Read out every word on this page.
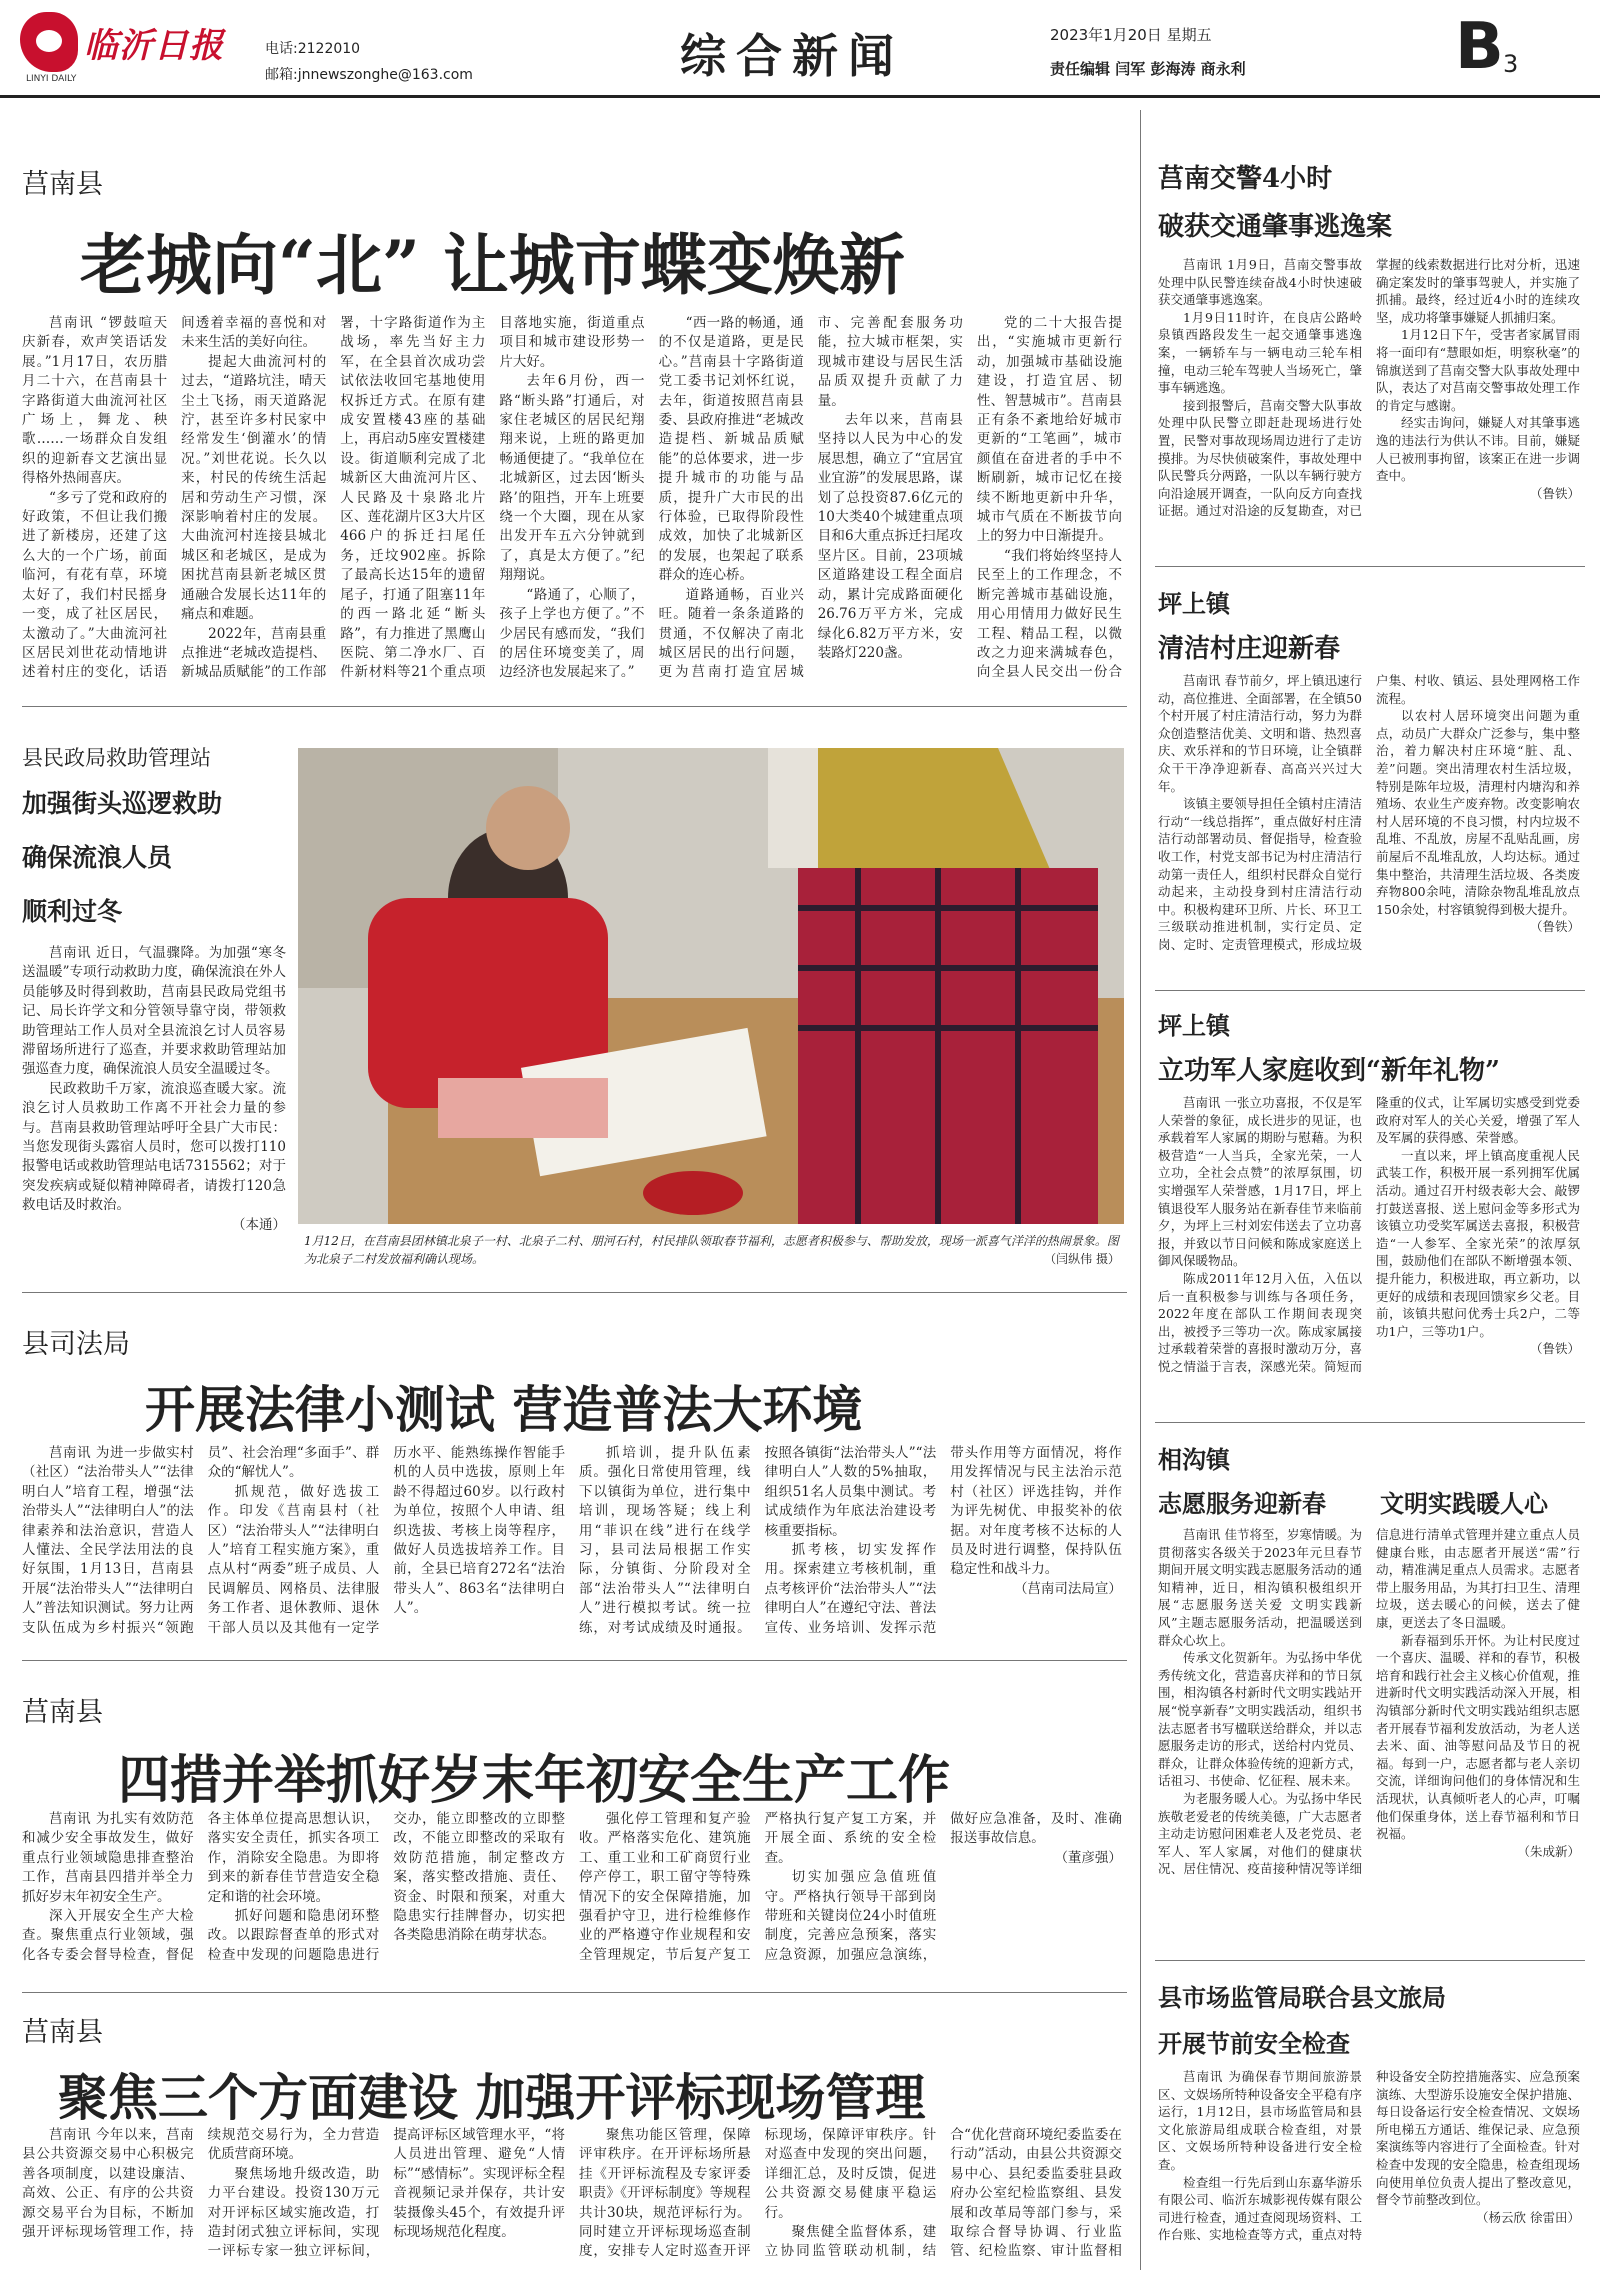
临沂日报
LINYI DAILY
电话:2122010
邮箱:jnnewszonghe@163.com	综合新闻	2023年1月20日 星期五
责任编辑 闫军 彭海涛 商永利	B 3
莒南县
老城向“北” 让城市蝶变焕新

莒南讯 “锣鼓喧天庆新春，欢声笑语话发展。”1月17日，农历腊月二十六，在莒南县十字路街道大曲流河社区广场上，舞龙、秧歌……一场群众自发组织的迎新春文艺演出显得格外热闹喜庆。

“多亏了党和政府的好政策，不但让我们搬进了新楼房，还建了这么大的一个广场，前面临河，有花有草，环境太好了，我们村民摇身一变，成了社区居民，太激动了。”大曲流河社区居民刘世花动情地讲述着村庄的变化，话语间透着幸福的喜悦和对未来生活的美好向往。

提起大曲流河村的过去，“道路坑洼，晴天尘土飞扬，雨天道路泥泞，甚至许多村民家中经常发生‘倒灌水’的情况。”刘世花说。长久以来，村民的传统生活起居和劳动生产习惯，深深影响着村庄的发展。大曲流河村连接县城北城区和老城区，是成为困扰莒南县新老城区贯通融合发展长达11年的痛点和难题。

2022年，莒南县重点推进“老城改造提档、新城品质赋能”的工作部署，十字路街道作为主战场，率先当好主力军，在全县首次成功尝试依法收回宅基地使用权拆迁方式。在原有建成安置楼43座的基础上，再启动5座安置楼建设。街道顺利完成了北城新区大曲流河片区、人民路及十泉路北片区、莲花湖片区3大片区466户的拆迁扫尾任务，迁坟902座。拆除了最高长达15年的遗留尾子，打通了阻塞11年的西一路北延“断头路”，有力推进了黑鹰山医院、第二净水厂、百件新材料等21个重点项目落地实施，街道重点项目和城市建设形势一片大好。

去年6月份，西一路“断头路”打通后，对家住老城区的居民纪翔翔来说，上班的路更加畅通便捷了。“我单位在北城新区，过去因‘断头路’的阻挡，开车上班要绕一个大圈，现在从家出发开车五六分钟就到了，真是太方便了。”纪翔翔说。

“路通了，心顺了，孩子上学也方便了。”不少居民有感而发，“我们的居住环境变美了，周边经济也发展起来了。”

“西一路的畅通，通的不仅是道路，更是民心。”莒南县十字路街道党工委书记刘怀红说，去年，街道按照莒南县委、县政府推进“老城改造提档、新城品质赋能”的总体要求，进一步提升城市的功能与品质，提升广大市民的出行体验，已取得阶段性成效，加快了北城新区的发展，也架起了联系群众的连心桥。

道路通畅，百业兴旺。随着一条条道路的贯通，不仅解决了南北城区居民的出行问题，更为莒南打造宜居城市、完善配套服务功能，拉大城市框架，实现城市建设与居民生活品质双提升贡献了力量。

去年以来，莒南县坚持以人民为中心的发展思想，确立了“宜居宜业宜游”的发展思路，谋划了总投资87.6亿元的10大类40个城建重点项目和6大重点拆迁扫尾攻坚片区。目前，23项城区道路建设工程全面启动，累计完成路面硬化26.76万平方米，完成绿化6.82万平方米，安装路灯220盏。

党的二十大报告提出，“实施城市更新行动，加强城市基础设施建设，打造宜居、韧性、智慧城市”。莒南县正有条不紊地给好城市更新的“工笔画”，城市颜值在奋进者的手中不断刷新，城市记忆在接续不断地更新中升华，城市气质在不断拔节向上的努力中日渐提升。

“我们将始终坚持人民至上的工作理念，不断完善城市基础设施，用心用情用力做好民生工程、精品工程，以微改之力迎来满城春色，向全县人民交出一份合

县民政局救助管理站
加强街头巡逻救助
确保流浪人员
顺利过冬

莒南讯 近日，气温骤降。为加强“寒冬送温暖”专项行动救助力度，确保流浪在外人员能够及时得到救助，莒南县民政局党组书记、局长许学文和分管领导靠守岗，带领救助管理站工作人员对全县流浪乞讨人员容易滞留场所进行了巡查，并要求救助管理站加强巡查力度，确保流浪人员安全温暖过冬。

民政救助千万家，流浪巡查暖大家。流浪乞讨人员救助工作离不开社会力量的参与。莒南县救助管理站呼吁全县广大市民：当您发现街头露宿人员时，您可以拨打110报警电话或救助管理站电话7315562；对于突发疾病或疑似精神障碍者，请拨打120急救电话及时救治。

（本通）

1月12日，在莒南县团林镇北泉子一村、北泉子二村、朋河石村，村民排队领取春节福利，志愿者积极参与、帮助发放，现场一派喜气洋洋的热闹景象。图为北泉子二村发放福利确认现场。	（闫纵伟 摄）
县司法局
开展法律小测试 营造普法大环境

莒南讯 为进一步做实村（社区）“法治带头人”“法律明白人”培育工程，增强“法治带头人”“法律明白人”的法律素养和法治意识，营造人人懂法、全民学法用法的良好氛围，1月13日，莒南县开展“法治带头人”“法律明白人”普法知识测试。努力让两支队伍成为乡村振兴“领跑员”、社会治理“多面手”、群众的“解忧人”。

抓规范，做好选拔工作。印发《莒南县村（社区）“法治带头人”“法律明白人”培育工程实施方案》，重点从村“两委”班子成员、人民调解员、网格员、法律服务工作者、退休教师、退休干部人员以及其他有一定学历水平、能熟练操作智能手机的人员中选拔，原则上年龄不得超过60岁。以行政村为单位，按照个人申请、组织选拔、考核上岗等程序，做好人员选拔培养工作。目前，全县已培育272名“法治带头人”、863名“法律明白人”。

抓培训，提升队伍素质。强化日常使用管理，线下以镇街为单位，进行集中培训，现场答疑；线上利用“菲识在线”进行在线学习，县司法局根据工作实际，分镇街、分阶段对全部“法治带头人”“法律明白人”进行模拟考试。统一拉练，对考试成绩及时通报。按照各镇街“法治带头人”“法律明白人”人数的5%抽取，组织51名人员集中测试。考试成绩作为年底法治建设考核重要指标。

抓考核，切实发挥作用。探索建立考核机制，重点考核评价“法治带头人”“法律明白人”在遵纪守法、普法宣传、业务培训、发挥示范带头作用等方面情况，将作用发挥情况与民主法治示范村（社区）评选挂钩，并作为评先树优、申报奖补的依据。对年度考核不达标的人员及时进行调整，保持队伍稳定性和战斗力。

（莒南司法局宣）

莒南县
四措并举抓好岁末年初安全生产工作

莒南讯 为扎实有效防范和减少安全事故发生，做好重点行业领域隐患排查整治工作，莒南县四措并举全力抓好岁末年初安全生产。

深入开展安全生产大检查。聚焦重点行业领域，强化各专委会督导检查，督促各主体单位提高思想认识，落实安全责任，抓实各项工作，消除安全隐患。为即将到来的新春佳节营造安全稳定和谐的社会环境。

抓好问题和隐患闭环整改。以跟踪督查单的形式对检查中发现的问题隐患进行交办，能立即整改的立即整改，不能立即整改的采取有效防范措施，制定整改方案，落实整改措施、责任、资金、时限和预案，对重大隐患实行挂牌督办，切实把各类隐患消除在萌芽状态。

强化停工管理和复产验收。严格落实危化、建筑施工、重工业和工矿商贸行业停产停工，职工留守等特殊情况下的安全保障措施，加强看护守卫，进行检维修作业的严格遵守作业规程和安全管理规定，节后复产复工严格执行复产复工方案，并开展全面、系统的安全检查。

切实加强应急值班值守。严格执行领导干部到岗带班和关键岗位24小时值班制度，完善应急预案，落实应急资源，加强应急演练，做好应急准备，及时、准确报送事故信息。

（董彦强）

莒南县
聚焦三个方面建设 加强开评标现场管理

莒南讯 今年以来，莒南县公共资源交易中心积极完善各项制度，以建设廉洁、高效、公正、有序的公共资源交易平台为目标，不断加强开评标现场管理工作，持续规范交易行为，全力营造优质营商环境。

聚焦场地升级改造，助力平台建设。投资130万元对开评标区域实施改造，打造封闭式独立评标间，实现一评标专家一独立评标间，提高评标区域管理水平，“将人员进出管理、避免“人情标”“感情标”。实现评标全程音视频记录并保存，共计安装摄像头45个，有效提升评标现场规范化程度。

聚焦功能区管理，保障评审秩序。在开评标场所悬挂《开评标流程及专家评委职责》《开评标制度》等规程共计30块，规范评标行为。同时建立开评标现场巡查制度，安排专人定时巡查开评标现场，保障评审秩序。针对巡查中发现的突出问题，详细汇总，及时反馈，促进公共资源交易健康平稳运行。

聚焦健全监督体系，建立协同监管联动机制，结合“优化营商环境纪委监委在行动”活动，由县公共资源交易中心、县纪委监委驻县政府办公室纪检监察组、县发展和改革局等部门参与，采取综合督导协调、行业监管、纪检监察、审计监督相

莒南交警4小时
破获交通肇事逃逸案

莒南讯 1月9日，莒南交警事故处理中队民警连续奋战4小时快速破获交通肇事逃逸案。

1月9日11时许，在良店公路岭泉镇西路段发生一起交通肇事逃逸案，一辆轿车与一辆电动三轮车相撞，电动三轮车驾驶人当场死亡，肇事车辆逃逸。

接到报警后，莒南交警大队事故处理中队民警立即赶赴现场进行处置，民警对事故现场周边进行了走访摸排。为尽快侦破案件，事故处理中队民警兵分两路，一队以车辆行驶方向沿途展开调查，一队向反方向查找证据。通过对沿途的反复勘查，对已掌握的线索数据进行比对分析，迅速确定案发时的肇事驾驶人，并实施了抓捕。最终，经过近4小时的连续攻坚，成功将肇事嫌疑人抓捕归案。

1月12日下午，受害者家属冒雨将一面印有“慧眼如炬，明察秋毫”的锦旗送到了莒南交警大队事故处理中队，表达了对莒南交警事故处理工作的肯定与感谢。

经实击询问，嫌疑人对其肇事逃逸的违法行为供认不讳。目前，嫌疑人已被刑事拘留，该案正在进一步调查中。

（鲁铁）

坪上镇
清洁村庄迎新春

莒南讯 春节前夕，坪上镇迅速行动，高位推进、全面部署，在全镇50个村开展了村庄清洁行动，努力为群众创造整洁优美、文明和谐、热烈喜庆、欢乐祥和的节日环境，让全镇群众干干净净迎新春、高高兴兴过大年。

该镇主要领导担任全镇村庄清洁行动“一线总指挥”，重点做好村庄清洁行动部署动员、督促指导，检查验收工作，村党支部书记为村庄清洁行动第一责任人，组织村民群众自觉行动起来，主动投身到村庄清洁行动中。积极构建环卫所、片长、环卫工三级联动推进机制，实行定员、定岗、定时、定责管理模式，形成垃圾户集、村收、镇运、县处理网格工作流程。

以农村人居环境突出问题为重点，动员广大群众广泛参与，集中整治，着力解决村庄环境“脏、乱、差”问题。突出清理农村生活垃圾，特别是陈年垃圾，清理村内塘沟和养殖场、农业生产废弃物。改变影响农村人居环境的不良习惯，村内垃圾不乱堆、不乱放，房屋不乱贴乱画，房前屋后不乱堆乱放，人均达标。通过集中整治，共清理生活垃圾、各类废弃物800余吨，清除杂物乱堆乱放点150余处，村容镇貌得到极大提升。

（鲁铁）

坪上镇
立功军人家庭收到“新年礼物”

莒南讯 一张立功喜报，不仅是军人荣誉的象征，成长进步的见证，也承载着军人家属的期盼与慰藉。为积极营造“一人当兵，全家光荣，一人立功，全社会点赞”的浓厚氛围，切实增强军人荣誉感，1月17日，坪上镇退役军人服务站在新春佳节来临前夕，为坪上三村刘宏伟送去了立功喜报，并致以节日问候和陈成家庭送上御风保暖物品。

陈成2011年12月入伍，入伍以后一直积极参与训练与各项任务，2022年度在部队工作期间表现突出，被授予三等功一次。陈成家属接过承载着荣誉的喜报时激动万分，喜悦之情溢于言表，深感光荣。简短而隆重的仪式，让军属切实感受到党委政府对军人的关心关爱，增强了军人及军属的获得感、荣誉感。

一直以来，坪上镇高度重视人民武装工作，积极开展一系列拥军优属活动。通过召开村级表彰大会、敲锣打鼓送喜报、送上慰问金等多形式为该镇立功受奖军属送去喜报，积极营造“一人参军、全家光荣”的浓厚氛围，鼓励他们在部队不断增强本领、提升能力，积极进取，再立新功，以更好的成绩和表现回馈家乡父老。目前，该镇共慰问优秀士兵2户，二等功1户，三等功1户。

（鲁铁）

相沟镇
志愿服务迎新春 文明实践暖人心

莒南讯 佳节将至，岁寒情暖。为贯彻落实各级关于2023年元旦春节期间开展文明实践志愿服务活动的通知精神，近日，相沟镇积极组织开展“志愿服务送关爱 文明实践新风”主题志愿服务活动，把温暖送到群众心坎上。

传承文化贺新年。为弘扬中华优秀传统文化，营造喜庆祥和的节日氛围，相沟镇各村新时代文明实践站开展“悦享新春”文明实践活动，组织书法志愿者书写楹联送给群众，并以志愿服务走访的形式，送给村内党员、群众，让群众体验传统的迎新方式，话祖习、书使命、忆征程、展未来。

为老服务暖人心。为弘扬中华民族敬老爱老的传统美德，广大志愿者主动走访慰问困难老人及老党员、老军人、军人家属，对他们的健康状况、居住情况、疫苗接种情况等详细信息进行清单式管理并建立重点人员健康台账，由志愿者开展送“需”行动，精准满足重点人员需求。志愿者带上服务用品，为其打扫卫生、清理垃圾，送去暖心的问候，送去了健康，更送去了冬日温暖。

新春福到乐开怀。为让村民度过一个喜庆、温暖、祥和的春节，积极培育和践行社会主义核心价值观，推进新时代文明实践活动深入开展，相沟镇部分新时代文明实践站组织志愿者开展春节福利发放活动，为老人送去米、面、油等慰问品及节日的祝福。每到一户，志愿者都与老人亲切交流，详细询问他们的身体情况和生活现状，认真倾听老人的心声，叮嘱他们保重身体，送上春节福利和节日祝福。

（朱成新）

县市场监管局联合县文旅局
开展节前安全检查

莒南讯 为确保春节期间旅游景区、文娱场所特种设备安全平稳有序运行，1月12日，县市场监管局和县文化旅游局组成联合检查组，对景区、文娱场所特种设备进行安全检查。

检查组一行先后到山东嘉华游乐有限公司、临沂东城影视传媒有限公司进行检查，通过查阅现场资料、工作台账、实地检查等方式，重点对特种设备安全防控措施落实、应急预案演练、大型游乐设施安全保护措施、每日设备运行安全检查情况、文娱场所电梯五方通话、维保记录、应急预案演练等内容进行了全面检查。针对检查中发现的安全隐患，检查组现场向使用单位负责人提出了整改意见，督令节前整改到位。

（杨云欣 徐雷田）
